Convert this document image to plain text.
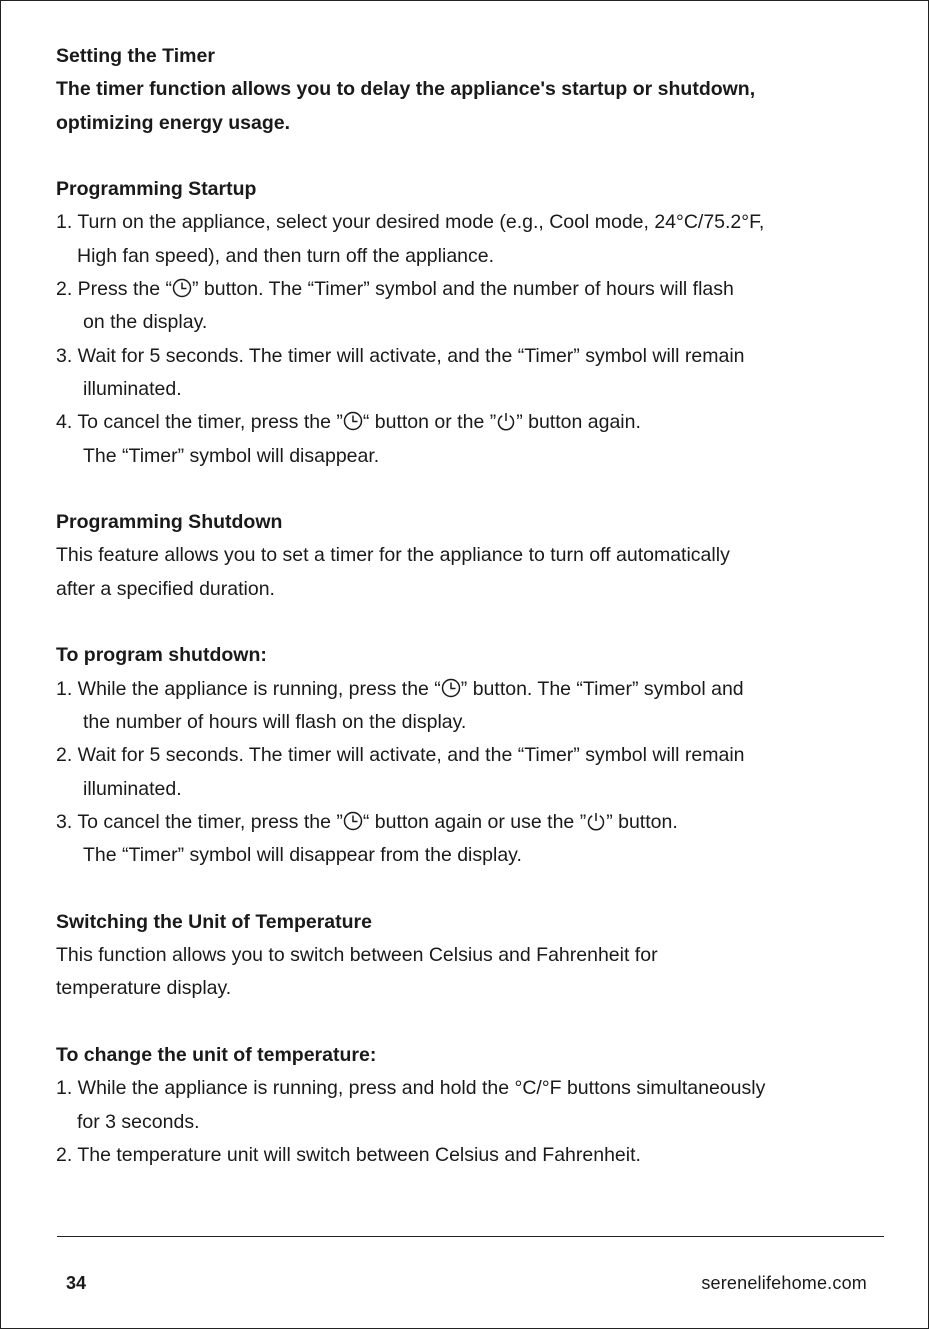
Setting the Timer
The timer function allows you to delay the appliance's startup or shutdown,
optimizing energy usage.
Programming Startup
1. Turn on the appliance, select your desired mode (e.g., Cool mode, 24°C/75.2°F,
High fan speed), and then turn off the appliance.
2. Press the “ ” button. The “Timer” symbol and the number of hours will flash
on the display.
3. Wait for 5 seconds. The timer will activate, and the “Timer” symbol will remain
illuminated.
4. To cancel the timer, press the ” “ button or the ” ” button again.
The “Timer” symbol will disappear.
Programming Shutdown
This feature allows you to set a timer for the appliance to turn off automatically
after a specified duration.
To program shutdown:
1. While the appliance is running, press the “ ” button. The “Timer” symbol and
the number of hours will flash on the display.
2. Wait for 5 seconds. The timer will activate, and the “Timer” symbol will remain
illuminated.
3. To cancel the timer, press the ” “ button again or use the ” ” button.
The “Timer” symbol will disappear from the display.
Switching the Unit of Temperature
This function allows you to switch between Celsius and Fahrenheit for
temperature display.
To change the unit of temperature:
1. While the appliance is running, press and hold the °C/°F buttons simultaneously
for 3 seconds.
2. The temperature unit will switch between Celsius and Fahrenheit.
34	serenelifehome.com
